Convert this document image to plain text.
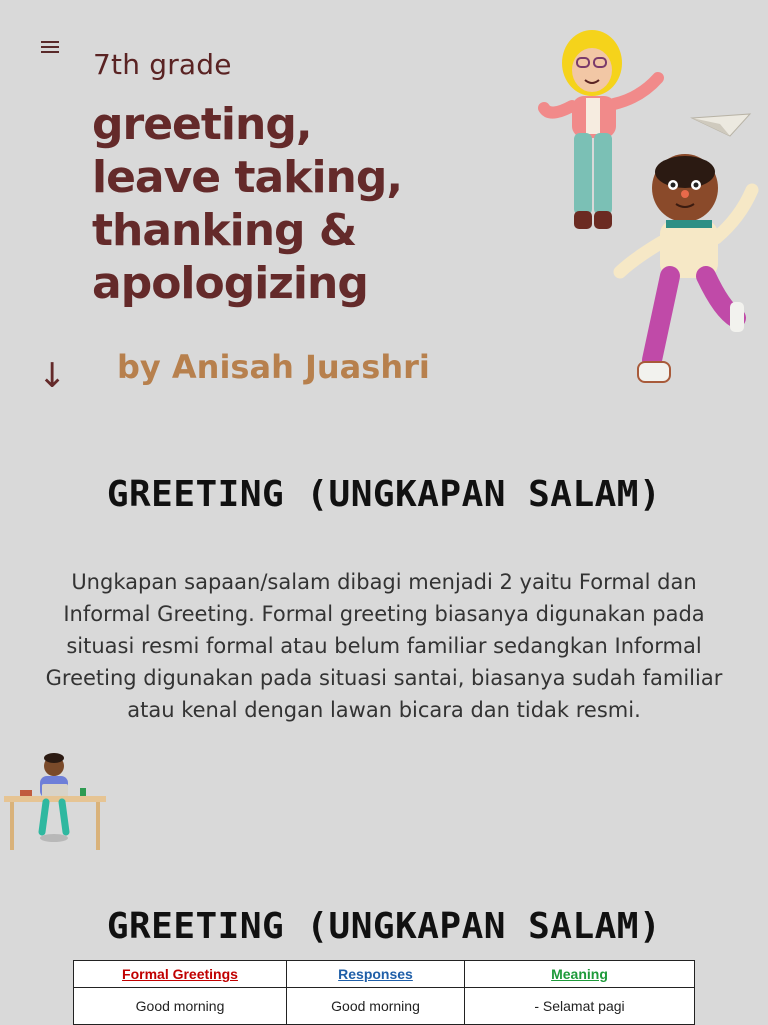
7th grade
greeting,
leave taking,
thanking &
apologizing
↓ by Anisah Juashri
GREETING (UNGKAPAN SALAM)
Ungkapan sapaan/salam dibagi menjadi 2 yaitu Formal dan Informal Greeting. Formal greeting biasanya digunakan pada situasi resmi formal atau belum familiar sedangkan Informal Greeting digunakan pada situasi santai, biasanya sudah familiar atau kenal dengan lawan bicara dan tidak resmi.
GREETING (UNGKAPAN SALAM)
Formal Greetings	Responses	Meaning
Good morning	Good morning	- Selamat pagi
